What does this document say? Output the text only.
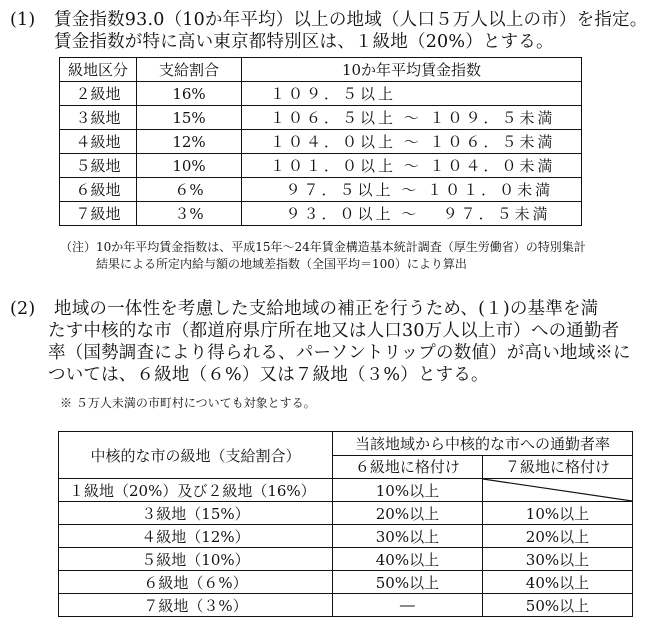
(1)	賃金指数93.0（10か年平均）以上の地域（人口５万人以上の市）を指定。
賃金指数が特に高い東京都特別区は、１級地（20%）とする。
級地区分	支給割合	10か年平均賃金指数
２級地	16%	１０９．５以上
３級地	15%	１０６．５以上 ～ １０９．５未満
４級地	12%	１０４．０以上 ～ １０６．５未満
５級地	10%	１０１．０以上 ～ １０４．０未満
６級地	６%	９７．５以上 ～ １０１．０未満
７級地	３%	９３．０以上 ～   ９７．５未満
（注）10か年平均賃金指数は、平成15年～24年賃金構造基本統計調査（厚生労働省）の特別集計
結果による所定内給与額の地域差指数（全国平均＝100）により算出
(2)	地域の一体性を考慮した支給地域の補正を行うため、(１)の基準を満
たす中核的な市（都道府県庁所在地又は人口30万人以上市）への通勤者
率（国勢調査により得られる、パーソントリップの数値）が高い地域※に
ついては、６級地（６%）又は７級地（３%）とする。
※ ５万人未満の市町村についても対象とする。
中核的な市の級地（支給割合）	当該地域から中核的な市への通勤者率	
	６級地に格付け	７級地に格付け
１級地（20%）及び２級地（16%）	10%以上	

３級地（15%）	20%以上	10%以上
４級地（12%）	30%以上	20%以上
５級地（10%）	40%以上	30%以上
６級地（６%）	50%以上	40%以上
７級地（３%）	―	50%以上
